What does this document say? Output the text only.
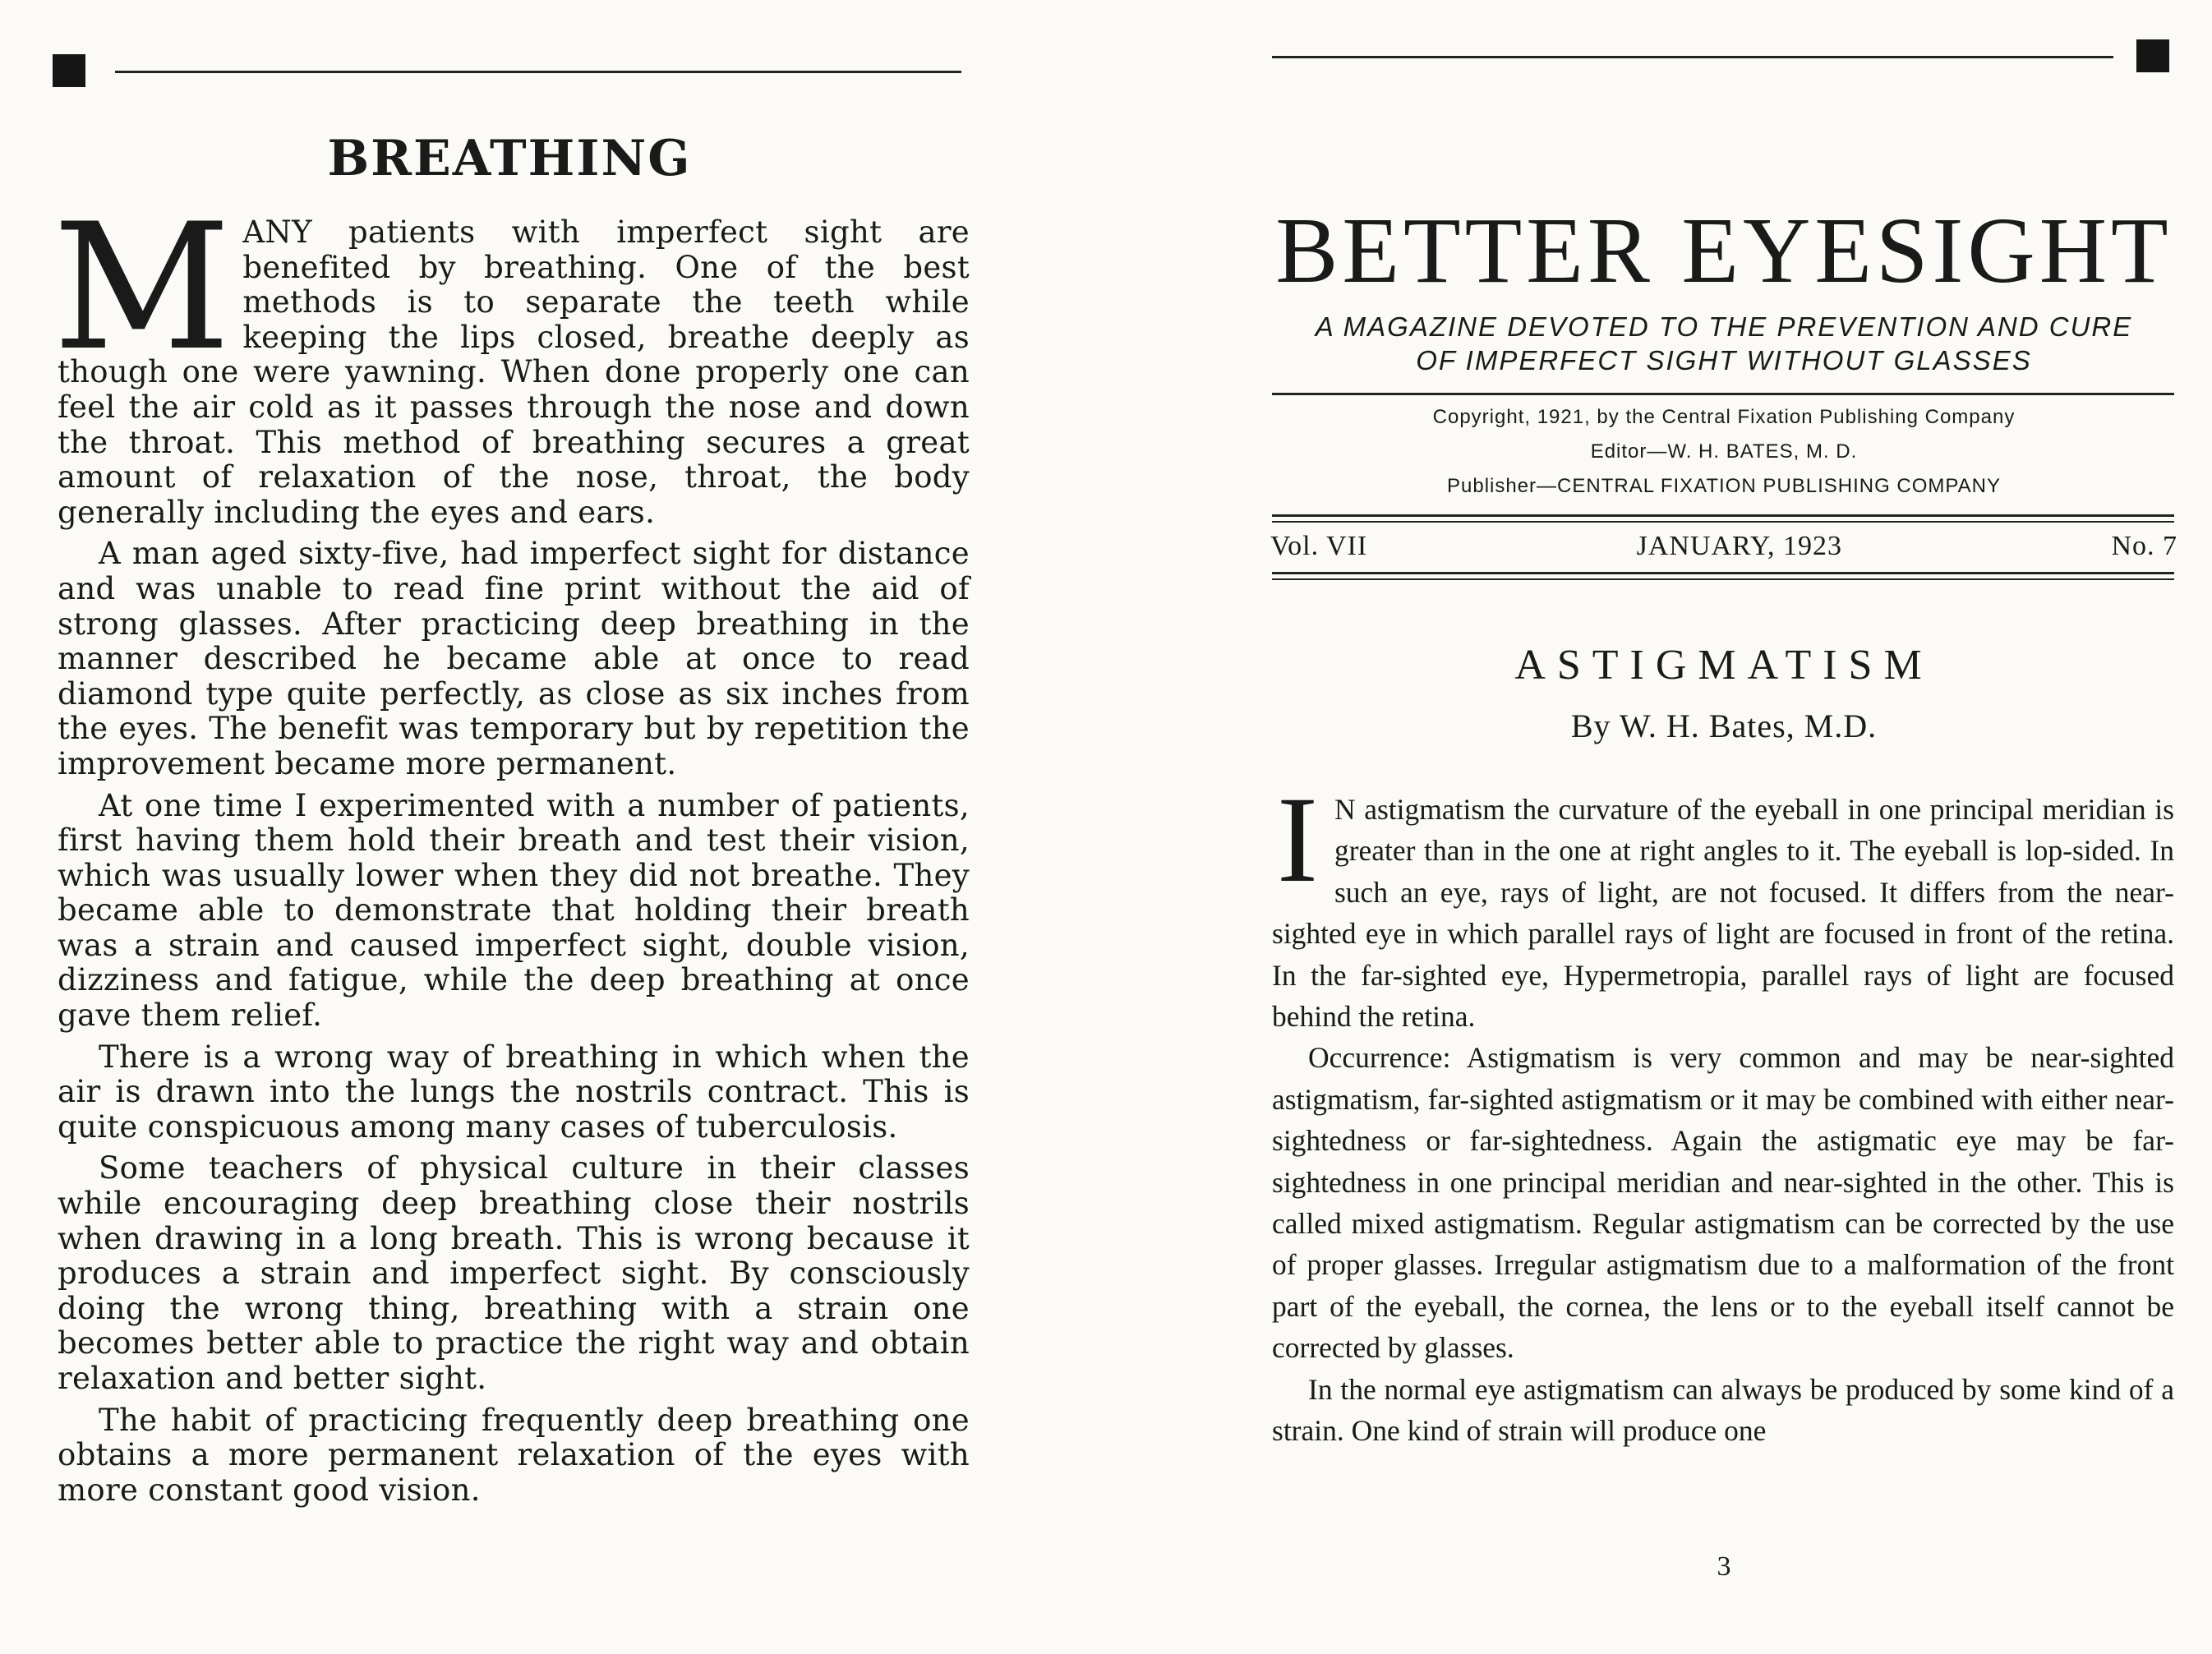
BREATHING

MANY patients with imperfect sight are benefited by breathing. One of the best methods is to separate the teeth while keeping the lips closed, breathe deeply as though one were yawning. When done properly one can feel the air cold as it passes through the nose and down the throat. This method of breathing secures a great amount of relaxation of the nose, throat, the body generally including the eyes and ears.

A man aged sixty-five, had imperfect sight for distance and was unable to read fine print without the aid of strong glasses. After practicing deep breathing in the manner described he became able at once to read diamond type quite perfectly, as close as six inches from the eyes. The benefit was temporary but by repetition the improvement became more permanent.

At one time I experimented with a number of patients, first having them hold their breath and test their vision, which was usually lower when they did not breathe. They became able to demonstrate that holding their breath was a strain and caused imperfect sight, double vision, dizziness and fatigue, while the deep breathing at once gave them relief.

There is a wrong way of breathing in which when the air is drawn into the lungs the nostrils contract. This is quite conspicuous among many cases of tuberculosis.

Some teachers of physical culture in their classes while encouraging deep breathing close their nostrils when drawing in a long breath. This is wrong because it produces a strain and imperfect sight. By consciously doing the wrong thing, breathing with a strain one becomes better able to practice the right way and obtain relaxation and better sight.

The habit of practicing frequently deep breathing one obtains a more permanent relaxation of the eyes with more constant good vision.

BETTER EYESIGHT
A MAGAZINE DEVOTED TO THE PREVENTION AND CURE
OF IMPERFECT SIGHT WITHOUT GLASSES
Copyright, 1921, by the Central Fixation Publishing Company
Editor—W. H. BATES, M. D.
Publisher—CENTRAL FIXATION PUBLISHING COMPANY
Vol. VII	JANUARY, 1923	No. 7
ASTIGMATISM
By W. H. Bates, M.D.

I N astigmatism the curvature of the eyeball in one principal meridian is greater than in the one at right angles to it. The eyeball is lop-sided. In such an eye, rays of light, are not focused. It differs from the near-sighted eye in which parallel rays of light are focused in front of the retina. In the far-sighted eye, Hypermetropia, parallel rays of light are focused behind the retina.

Occurrence: Astigmatism is very common and may be near-sighted astigmatism, far-sighted astigmatism or it may be combined with either near-sightedness or far-sightedness. Again the astigmatic eye may be far-sightedness in one principal meridian and near-sighted in the other. This is called mixed astigmatism. Regular astigmatism can be corrected by the use of proper glasses. Irregular astigmatism due to a malformation of the front part of the eyeball, the cornea, the lens or to the eyeball itself cannot be corrected by glasses.

In the normal eye astigmatism can always be produced by some kind of a strain. One kind of strain will produce one

3
